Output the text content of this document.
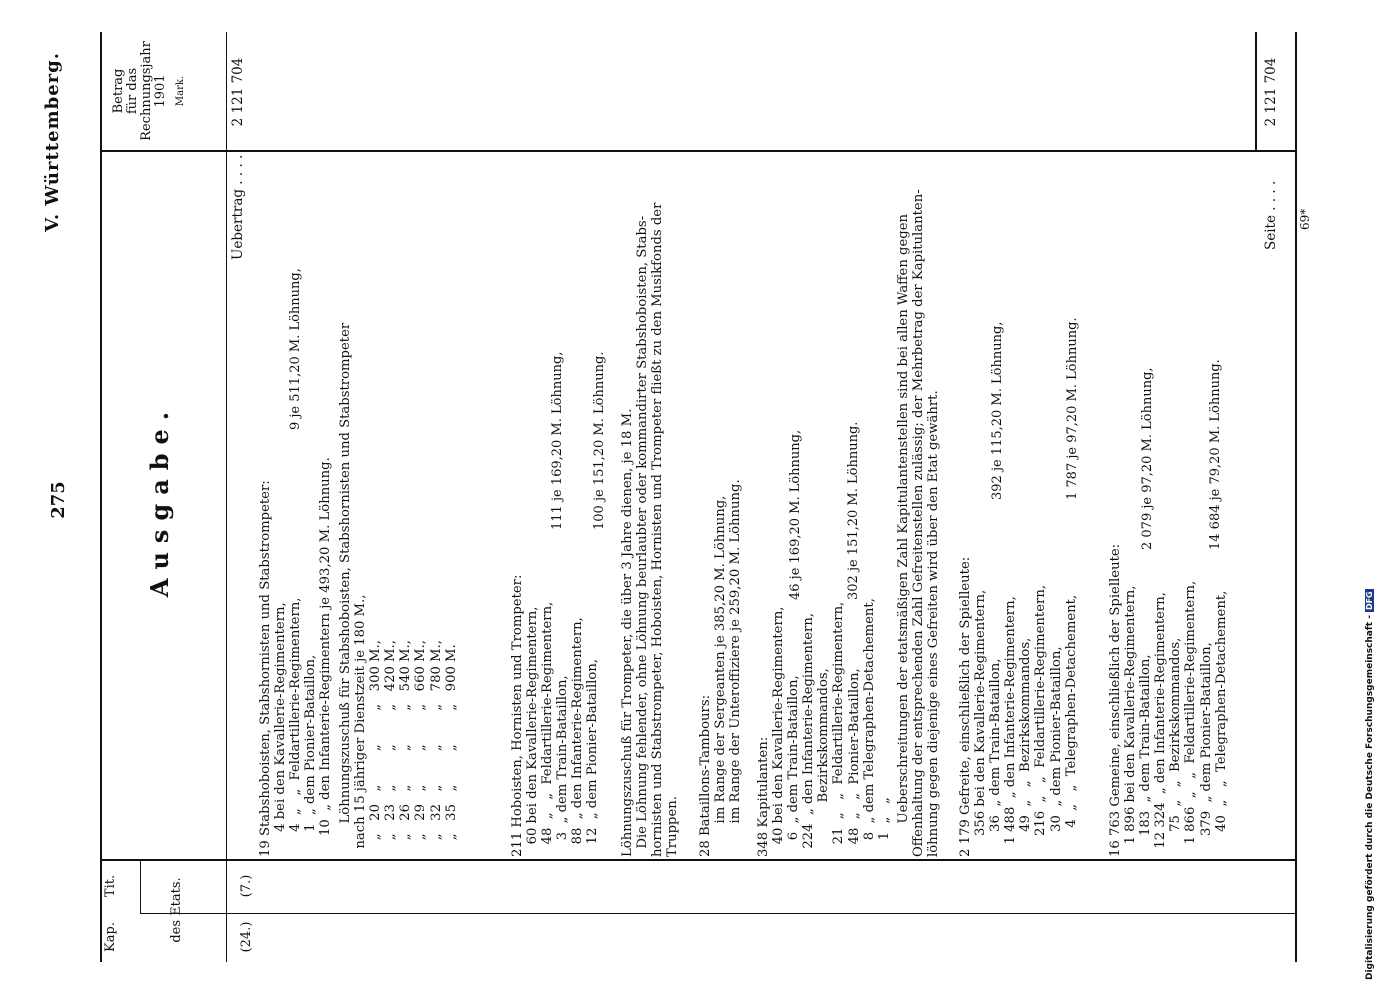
275
V. Württemberg.
Ausgabe.
Kap.
Tit.	des Etats.
Betrag für das Rechnungsjahr 1901 Mark.
(24.)
(7.)
Uebertrag . . . .
2 121 704
19 Stabshoboisten, Stabshornisten und Stabstrompeter:
4 bei den Kavallerie-Regimentern,
4  „   „  Feldartillerie-Regimentern,
1  „ dem Pionier-Bataillon,
10  „ den Infanterie-Regimentern je 493,20 M. Löhnung.
9 je 511,20 M. Löhnung,
Löhnungszuschuß für Stabshoboisten, Stabshornisten und Stabstrompeter
nach 15 jähriger Dienstzeit je 180 M.,
„   20   „        „        „   300 M.,
„   23   „        „        „   420 M.,
„   26   „        „        „   540 M.,
„   29   „        „        „   660 M.,
„   32   „        „        „   780 M.,
„   35   „        „        „   900 M.
211 Hoboisten, Hornisten und Trompeter:
60 bei den Kavallerie-Regimentern,
48  „   „  Feldartillerie-Regimentern,
3  „ dem Train-Bataillon,
88  „ den Infanterie-Regimentern,
12  „ dem Pionier-Bataillon,
111 je 169,20 M. Löhnung, 100 je 151,20 M. Löhnung.
Löhnungszuschuß für Trompeter, die über 3 Jahre dienen, je 18 M.
Die Löhnung fehlender, ohne Löhnung beurlaubter oder kommandirter Stabshoboisten, Stabs-
hornisten und Stabstrompeter, Hoboisten, Hornisten und Trompeter fließt zu den Musikfonds der
Truppen. 28 Bataillons-Tambours:
im Range der Sergeanten je 385,20 M. Löhnung,
im Range der Unteroffiziere je 259,20 M. Löhnung.
348 Kapitulanten:
40 bei den Kavallerie-Regimentern,
6  „ dem Train-Bataillon,
224  „ den Infanterie-Regimentern,
Bezirkskommandos,
21  „   „  Feldartillerie-Regimentern,
48  „   „  Pionier-Bataillon,
8  „ dem Telegraphen-Detachement,
1  „   „
46 je 169,20 M. Löhnung,	302 je 151,20 M. Löhnung.
Ueberschreitungen der etatsmäßigen Zahl Kapitulantenstellen sind bei allen Waffen gegen
Offenhaltung der entsprechenden Zahl Gefreitenstellen zulässig; der Mehrbetrag der Kapitulanten-
löhnung gegen diejenige eines Gefreiten wird über den Etat gewährt.
2 179 Gefreite, einschließlich der Spielleute:
356 bei den Kavallerie-Regimentern,
36  „ dem Train-Bataillon,
1 488  „ den Infanterie-Regimentern,
49  „   „  Bezirkskommandos,
216  „   „  Feldartillerie-Regimentern,
30  „ dem Pionier-Bataillon,
4  „   „  Telegraphen-Detachement,
392 je 115,20 M. Löhnung,	1 787 je 97,20 M. Löhnung.
16 763 Gemeine, einschließlich der Spielleute:
1 896 bei den Kavallerie-Regimentern,
183  „ dem Train-Bataillon,
12 324  „ den Infanterie-Regimentern,
75  „   „  Bezirkskommandos,
1 866  „   „  Feldartillerie-Regimentern,
379  „ dem Pionier-Bataillon,
40  „   „  Telegraphen-Detachement,
2 079 je 97,20 M. Löhnung,	14 684 je 79,20 M. Löhnung.
Seite . . . .
2 121 704
69*
Digitalisierung gefördert durch die Deutsche Forschungsgemeinschaft -DFG
